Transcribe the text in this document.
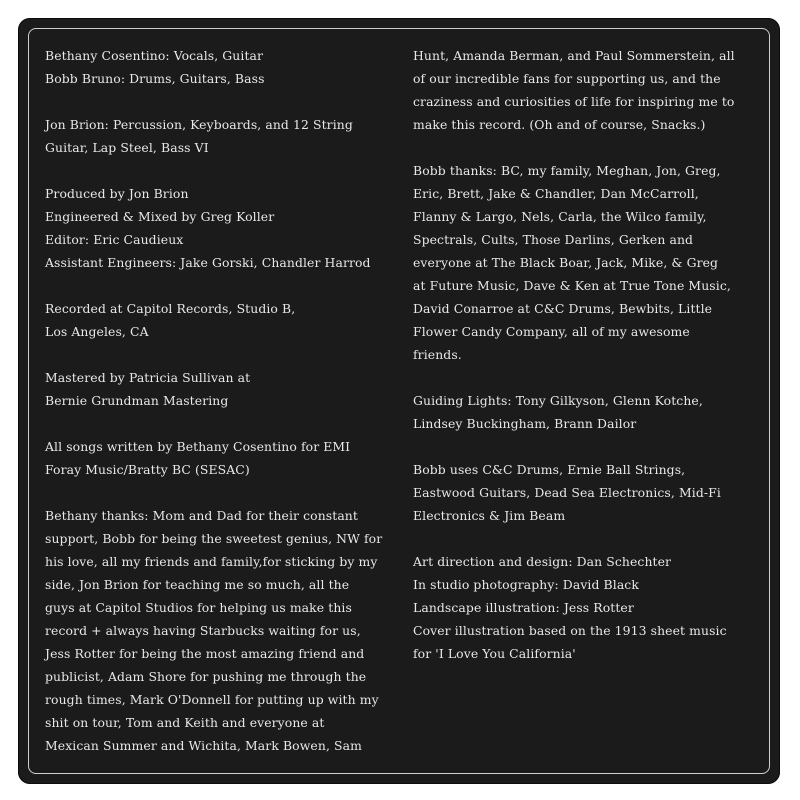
Bethany Cosentino: Vocals, Guitar
Bobb Bruno: Drums, Guitars, Bass

Jon Brion: Percussion, Keyboards, and 12 String
Guitar, Lap Steel, Bass VI

Produced by Jon Brion
Engineered & Mixed by Greg Koller
Editor: Eric Caudieux
Assistant Engineers: Jake Gorski, Chandler Harrod

Recorded at Capitol Records, Studio B,
Los Angeles, CA

Mastered by Patricia Sullivan at
Bernie Grundman Mastering

All songs written by Bethany Cosentino for EMI
Foray Music/Bratty BC (SESAC)

Bethany thanks: Mom and Dad for their constant
support, Bobb for being the sweetest genius, NW for
his love, all my friends and family,for sticking by my
side, Jon Brion for teaching me so much, all the
guys at Capitol Studios for helping us make this
record + always having Starbucks waiting for us,
Jess Rotter for being the most amazing friend and
publicist, Adam Shore for pushing me through the
rough times, Mark O'Donnell for putting up with my
shit on tour, Tom and Keith and everyone at
Mexican Summer and Wichita, Mark Bowen, Sam

Hunt, Amanda Berman, and Paul Sommerstein, all
of our incredible fans for supporting us, and the
craziness and curiosities of life for inspiring me to
make this record. (Oh and of course, Snacks.)

Bobb thanks: BC, my family, Meghan, Jon, Greg,
Eric, Brett, Jake & Chandler, Dan McCarroll,
Flanny & Largo, Nels, Carla, the Wilco family,
Spectrals, Cults, Those Darlins, Gerken and
everyone at The Black Boar, Jack, Mike, & Greg
at Future Music, Dave & Ken at True Tone Music,
David Conarroe at C&C Drums, Bewbits, Little
Flower Candy Company, all of my awesome
friends.

Guiding Lights: Tony Gilkyson, Glenn Kotche,
Lindsey Buckingham, Brann Dailor

Bobb uses C&C Drums, Ernie Ball Strings,
Eastwood Guitars, Dead Sea Electronics, Mid-Fi
Electronics & Jim Beam

Art direction and design: Dan Schechter
In studio photography: David Black
Landscape illustration: Jess Rotter
Cover illustration based on the 1913 sheet music
for 'I Love You California'
